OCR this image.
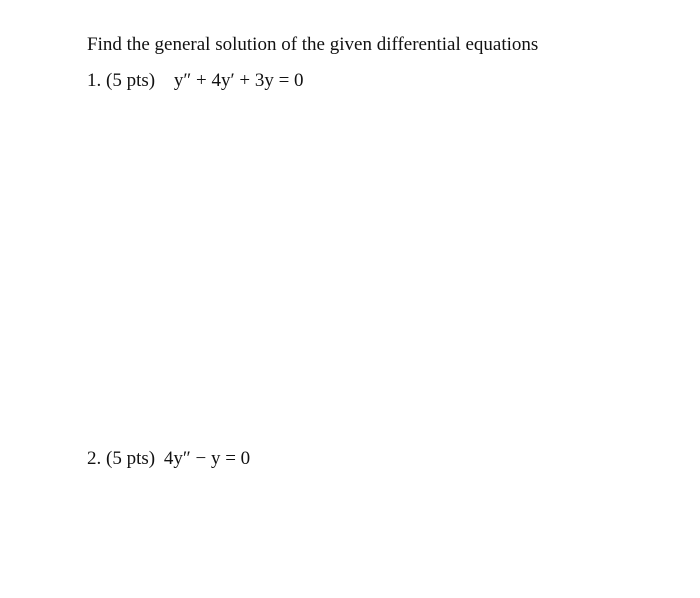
Find the general solution of the given differential equations
1. (5 pts) y″ + 4y′ + 3y = 0
2. (5 pts) 4y″ − y = 0
